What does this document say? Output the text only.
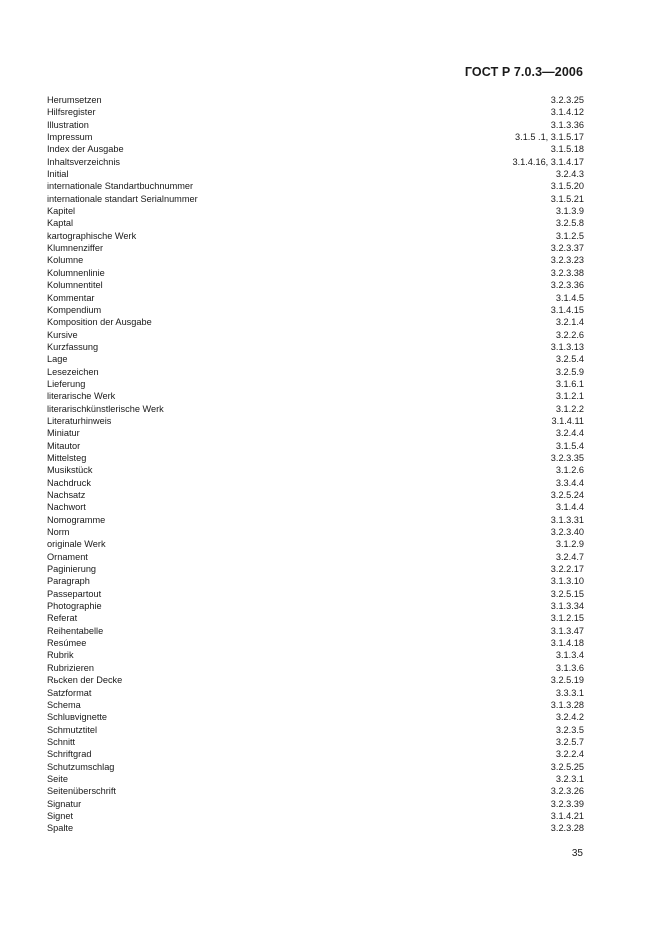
ГОСТ Р 7.0.3—2006
Herumsetzen	3.2.3.25
Hilfsregister	3.1.4.12
Illustration	3.1.3.36
Impressum	3.1.5 .1, 3.1.5.17
Index der Ausgabe	3.1.5.18
Inhaltsverzeichnis	3.1.4.16, 3.1.4.17
Initial	3.2.4.3
internationale Standartbuchnummer	3.1.5.20
internationale standart Serialnummer	3.1.5.21
Kapitel	3.1.3.9
Kaptal	3.2.5.8
kartographische Werk	3.1.2.5
Klumnenziffer	3.2.3.37
Kolumne	3.2.3.23
Kolumnenlinie	3.2.3.38
Kolumnentitel	3.2.3.36
Kommentar	3.1.4.5
Kompendium	3.1.4.15
Komposition der Ausgabe	3.2.1.4
Kursive	3.2.2.6
Kurzfassung	3.1.3.13
Lage	3.2.5.4
Lesezeichen	3.2.5.9
Lieferung	3.1.6.1
literarische Werk	3.1.2.1
literarischkünstlerische Werk	3.1.2.2
Literaturhinweis	3.1.4.11
Miniatur	3.2.4.4
Mitautor	3.1.5.4
Mittelsteg	3.2.3.35
Musikstück	3.1.2.6
Nachdruck	3.3.4.4
Nachsatz	3.2.5.24
Nachwort	3.1.4.4
Nomogramme	3.1.3.31
Norm	3.2.3.40
originale Werk	3.1.2.9
Ornament	3.2.4.7
Paginierung	3.2.2.17
Paragraph	3.1.3.10
Passepartout	3.2.5.15
Photographie	3.1.3.34
Referat	3.1.2.15
Reihentabelle	3.1.3.47
Resúmee	3.1.4.18
Rubrik	3.1.3.4
Rubrizieren	3.1.3.6
Rьcken der Decke	3.2.5.19
Satzformat	3.3.3.1
Schema	3.1.3.28
Schluвvignette	3.2.4.2
Schmutztitel	3.2.3.5
Schnitt	3.2.5.7
Schriftgrad	3.2.2.4
Schutzumschlag	3.2.5.25
Seite	3.2.3.1
Seitenüberschrift	3.2.3.26
Signatur	3.2.3.39
Signet	3.1.4.21
Spalte	3.2.3.28
35
